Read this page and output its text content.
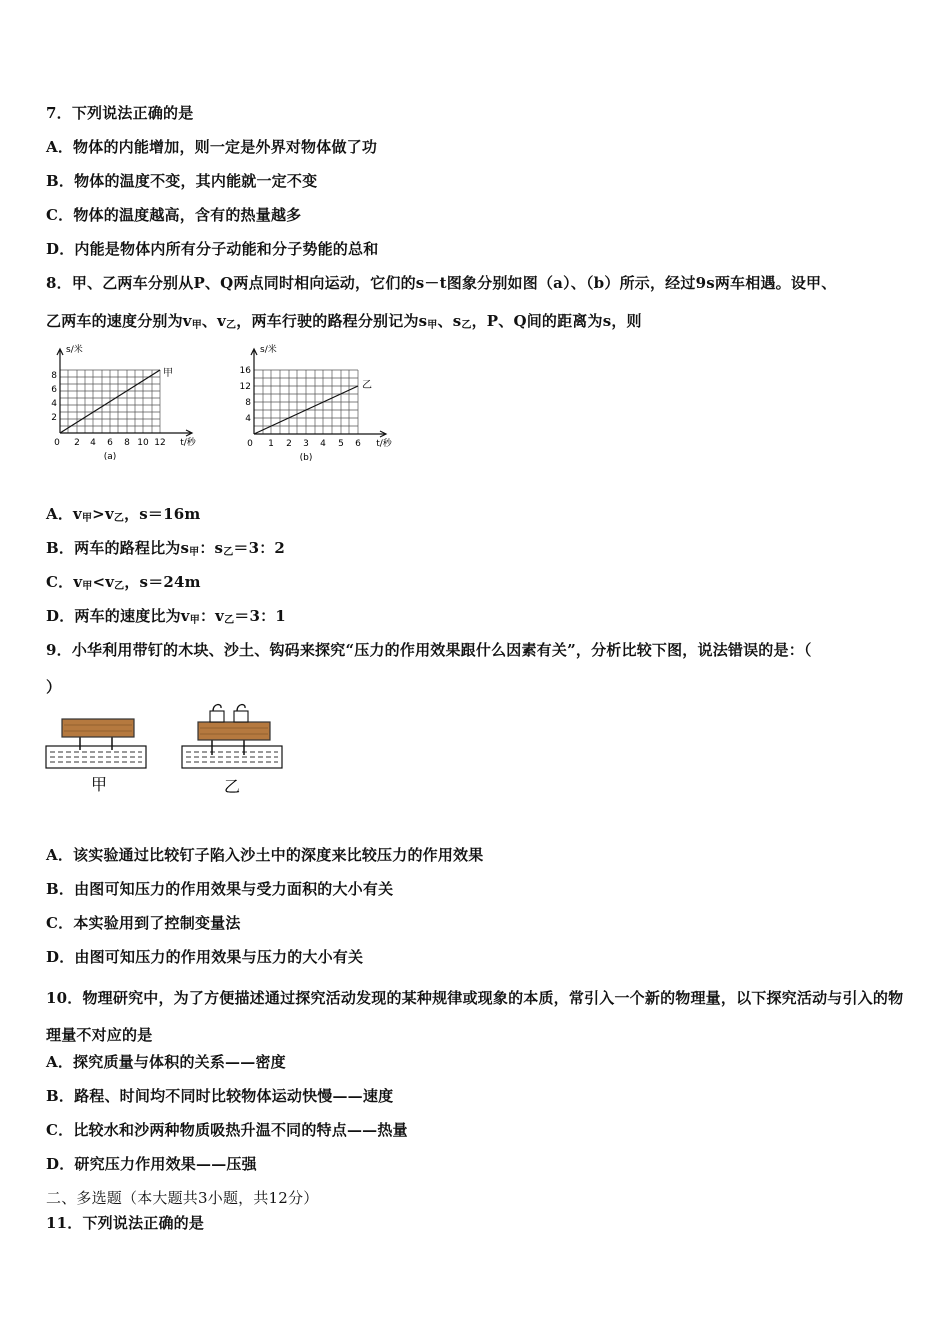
7．下列说法正确的是
A．物体的内能增加，则一定是外界对物体做了功
B．物体的温度不变，其内能就一定不变
C．物体的温度越高，含有的热量越多
D．内能是物体内所有分子动能和分子势能的总和
8．甲、乙两车分别从P、Q两点同时相向运动，它们的s－t图象分别如图（a）、（b）所示，经过9s两车相遇。设甲、
乙两车的速度分别为$v_甲$、$v_乙$，两车行驶的路程分别记为$s_甲$、$s_乙$，P、Q间的距离为s，则
s/米
甲
2
4
6
8
0 2 4 6 8 10 12 t/秒
(a)
s/米
乙
4
8
12
16
0 1 2 3 4 5 6 t/秒
(b)
A．$v_甲>v_乙$，s＝16m
B．两车的路程比为$s_甲$：$s_乙=3$：2
C．$v_甲<v_乙$，s＝24m
D．两车的速度比为$v_甲$：$v_乙=3$：1
9．小华利用带钉的木块、沙土、钩码来探究“压力的作用效果跟什么因素有关”，分析比较下图，说法错误的是：（
）
甲	乙
A．该实验通过比较钉子陷入沙土中的深度来比较压力的作用效果
B．由图可知压力的作用效果与受力面积的大小有关
C．本实验用到了控制变量法
D．由图可知压力的作用效果与压力的大小有关
10．物理研究中，为了方便描述通过探究活动发现的某种规律或现象的本质，常引入一个新的物理量，以下探究活动与引入的物理量不对应的是
A．探究质量与体积的关系——密度
B．路程、时间均不同时比较物体运动快慢——速度
C．比较水和沙两种物质吸热升温不同的特点——热量
D．研究压力作用效果——压强
二、多选题（本大题共3小题，共12分）
11．下列说法正确的是
